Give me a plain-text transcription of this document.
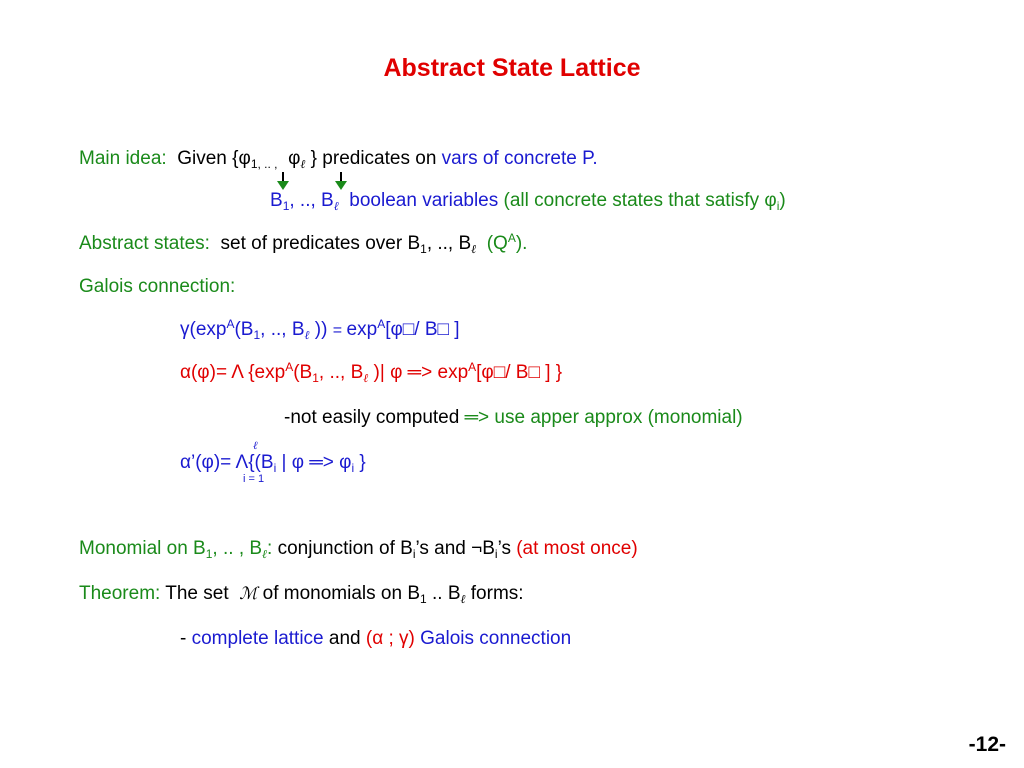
Abstract State Lattice
Main idea: Given {$\varphi_{1, .. ,}$ $\varphi_\ell$ } predicates on vars of concrete P.
$B_1$, .., $B_\ell$ boolean variables (all concrete states that satisfy $\varphi_i$)
Abstract states: set of predicates over $B_1$, .., $B_\ell$ $(Q^A)$.
Galois connection:
$\gamma(\exp^A(B_1$, .., $B_\ell$ )) = $\exp^A[\varphi□/$ B□ ]
α(φ)= Λ {$\exp^A(B_1$, .., $B_\ell$ )| φ ═> $\exp^A[\varphi□/$ B□ ] }
-not easily computed ═> use apper approx (monomial)
ℓ
α’(φ)= $\Lambda\{(B_i$ | φ ═> $\varphi_i$ }
i = 1
Monomial on $B_1$, .. , $B_\ell$: conjunction of $B_i’s$ and $\neg B_i’s$ (at most once)
Theorem: The set  ℳ of monomials on $B_1$ .. $B_\ell$ forms:
- complete lattice and (α ; γ) Galois connection
-12-
